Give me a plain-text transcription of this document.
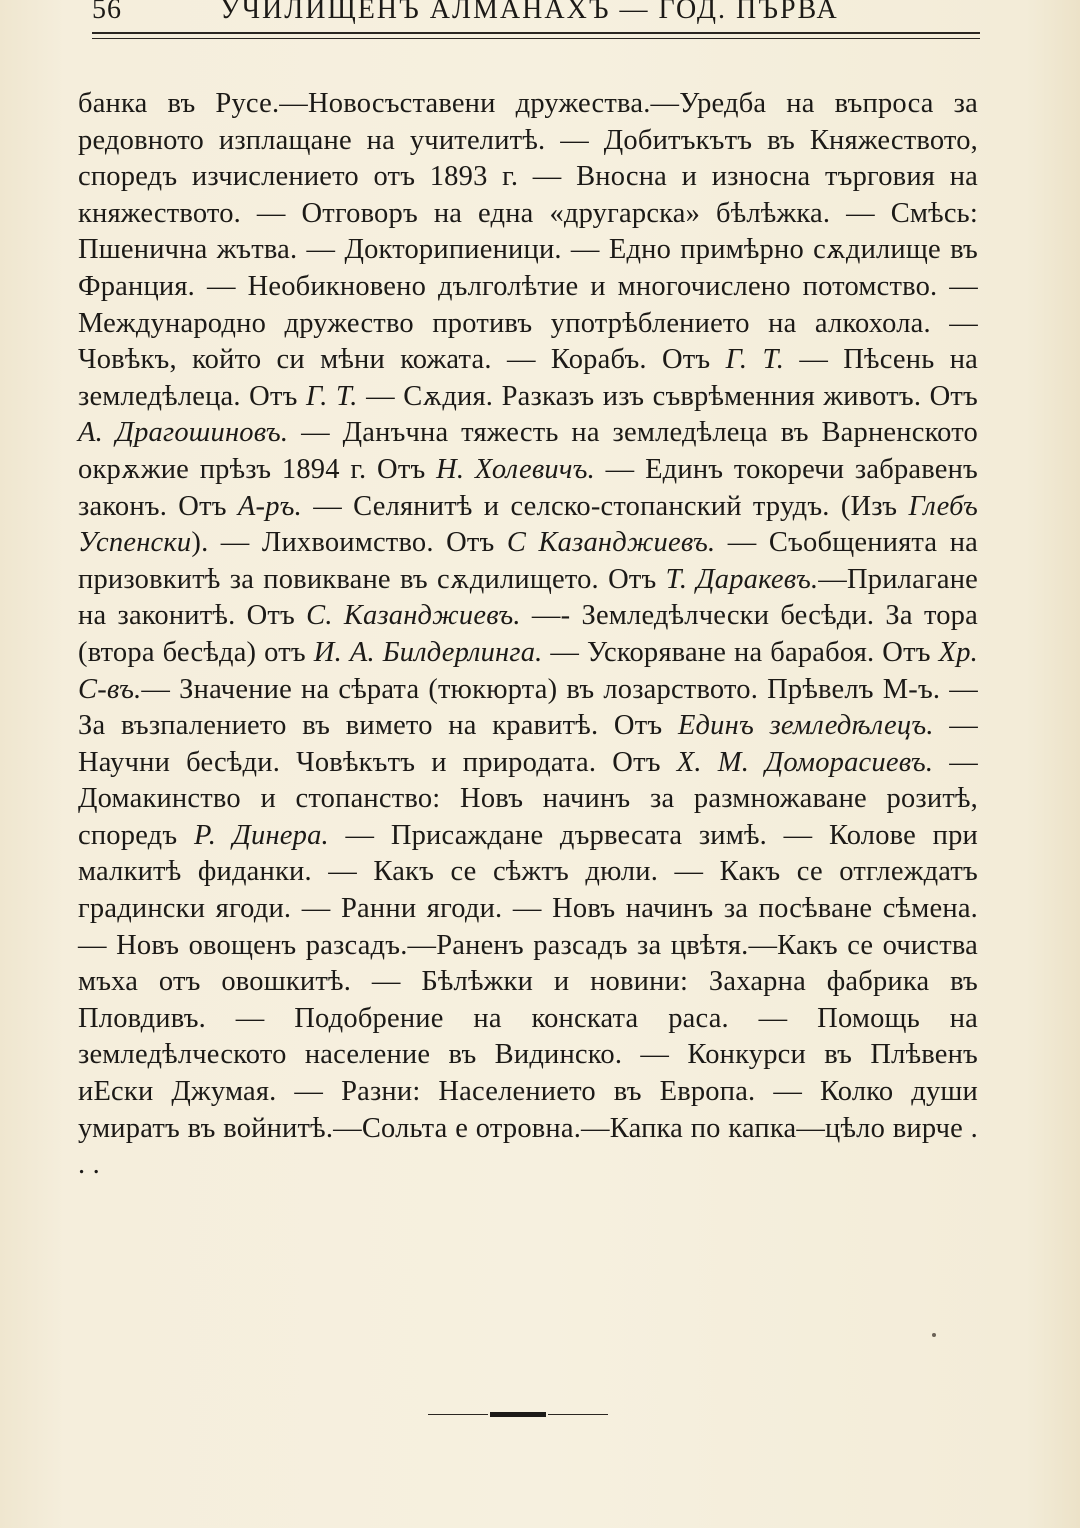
56	УЧИЛИЩЕНЪ АЛМАНАХЪ — ГОД. ПЪРВА
банка въ Русе.—Новосъставени дружества.—Уредба на въпроса за редовното изплащане на учителитѣ. — Добитъкътъ въ Княжеството, споредъ изчислението отъ 1893 г. — Вносна и износна търговия на княжеството. — Отговоръ на една «другарска» бѣлѣжка. — Смѣсь: Пшенична жътва. — Докторипиеници. — Едно примѣрно сѫдилище въ Франция. — Необикновено дълголѣтие и многочислено потомство. — Международно дружество противъ употрѣблението на алкохола. — Човѣкъ, който си мѣни кожата. — Корабъ. Отъ Г. Т. — Пѣсень на земледѣлеца. Отъ Г. Т. — Сѫдия. Разказъ изъ съврѣменния животъ. Отъ А. Драгошиновъ. — Данъчна тяжесть на земледѣлеца въ Варненското окрѫжие прѣзъ 1894 г. Отъ Н. Холевичъ. — Единъ токоречи забравенъ законъ. Отъ А-ръ. — Селянитѣ и селско-стопанский трудъ. (Изъ Глебъ Успенски). — Лихвоимство. Отъ С Казанджиевъ. — Съобщенията на призовкитѣ за повикване въ сѫдилището. Отъ Т. Даракевъ.—Прилагане на законитѣ. Отъ С. Казанджиевъ. —- Земледѣлчески бесѣди. За тора (втора бесѣда) отъ И. А. Билдерлинга. — Ускоряване на барабоя. Отъ Хр. С-въ.— Значение на сѣрата (тюкюрта) въ лозарството. Прѣвелъ М-ъ. — За възпалението въ вимето на кравитѣ. Отъ Единъ земледѣлецъ. — Научни бесѣди. Човѣкътъ и природата. Отъ Х. М. Доморасиевъ. — Домакинство и стопанство: Новъ начинъ за размножаване розитѣ, споредъ Р. Динера. — Присаждане дървесата зимѣ. — Колове при малкитѣ фиданки. — Какъ се сѣжтъ дюли. — Какъ се отглеждатъ градински ягоди. — Ранни ягоди. — Новъ начинъ за посѣване сѣмена. — Новъ овощенъ разсадъ.—Раненъ разсадъ за цвѣтя.—Какъ се очиства мъха отъ овошкитѣ. — Бѣлѣжки и новини: Захарна фабрика въ Пловдивъ. — Подобрение на конската раса. — Помощь на земледѣлческото население въ Видинско. — Конкурси въ Плѣвенъ иЕски Джумая. — Разни: Населението въ Европа. — Колко души умиратъ въ войнитѣ.—Сольта е отровна.—Капка по капка—цѣло вирче . . .
